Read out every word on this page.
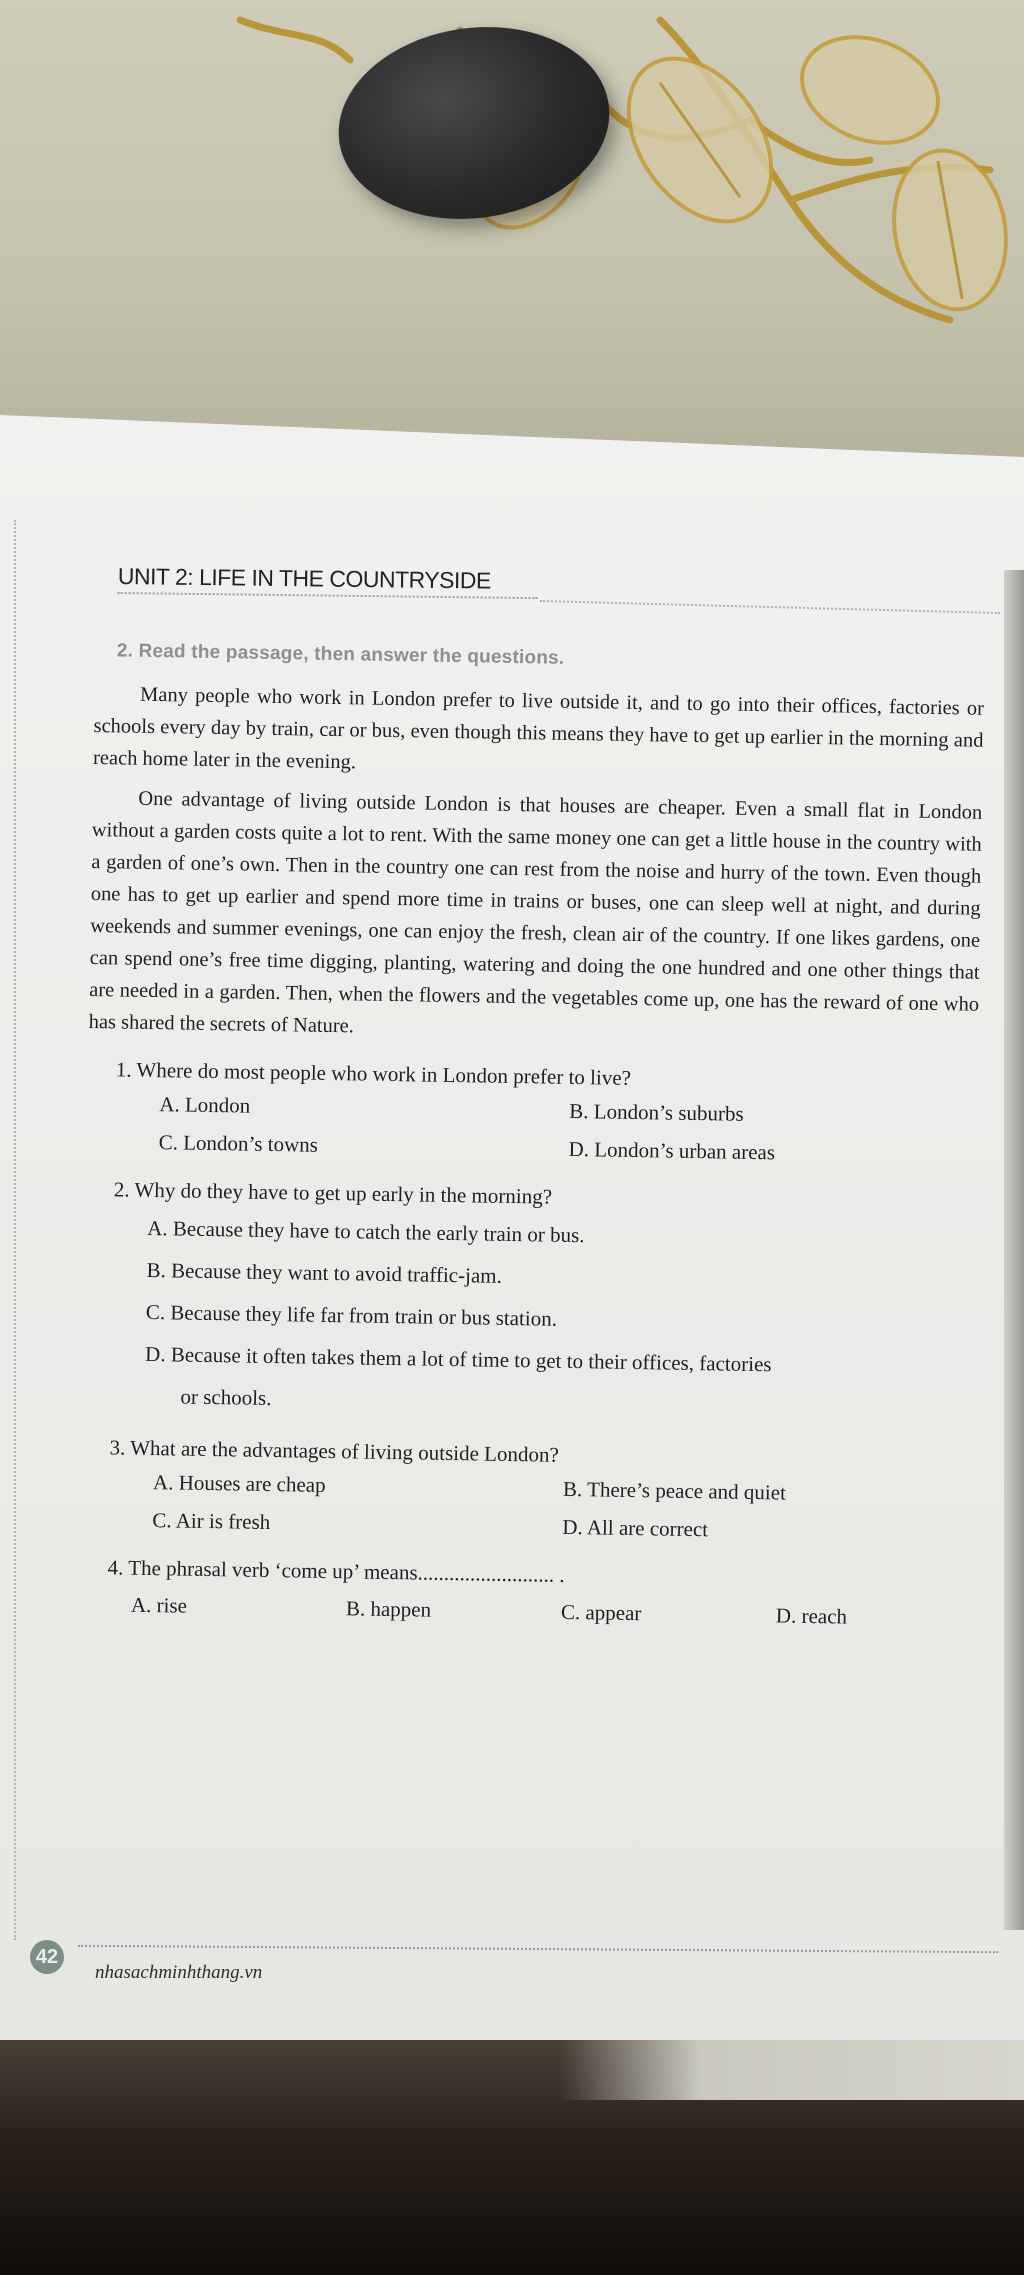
UNIT 2: LIFE IN THE COUNTRYSIDE
2. Read the passage, then answer the questions.

Many people who work in London prefer to live outside it, and to go into their offices, factories or schools every day by train, car or bus, even though this means they have to get up earlier in the morning and reach home later in the evening.

One advantage of living outside London is that houses are cheaper. Even a small flat in London without a garden costs quite a lot to rent. With the same money one can get a little house in the country with a garden of one’s own. Then in the country one can rest from the noise and hurry of the town. Even though one has to get up earlier and spend more time in trains or buses, one can sleep well at night, and during weekends and summer evenings, one can enjoy the fresh, clean air of the country. If one likes gardens, one can spend one’s free time digging, planting, watering and doing the one hundred and one other things that are needed in a garden. Then, when the flowers and the vegetables come up, one has the reward of one who has shared the secrets of Nature.

1. Where do most people who work in London prefer to live?

A. London	B. London’s suburbs
C. London’s towns	D. London’s urban areas

2. Why do they have to get up early in the morning?

A. Because they have to catch the early train or bus.
B. Because they want to avoid traffic-jam.
C. Because they life far from train or bus station.
D. Because it often takes them a lot of time to get to their offices, factories
or schools.

3. What are the advantages of living outside London?

A. Houses are cheap	B. There’s peace and quiet
C. Air is fresh	D. All are correct

4. The phrasal verb ‘come up’ means.......................... .

A. rise	B. happen	C. appear	D. reach
42
nhasachminhthang.vn
